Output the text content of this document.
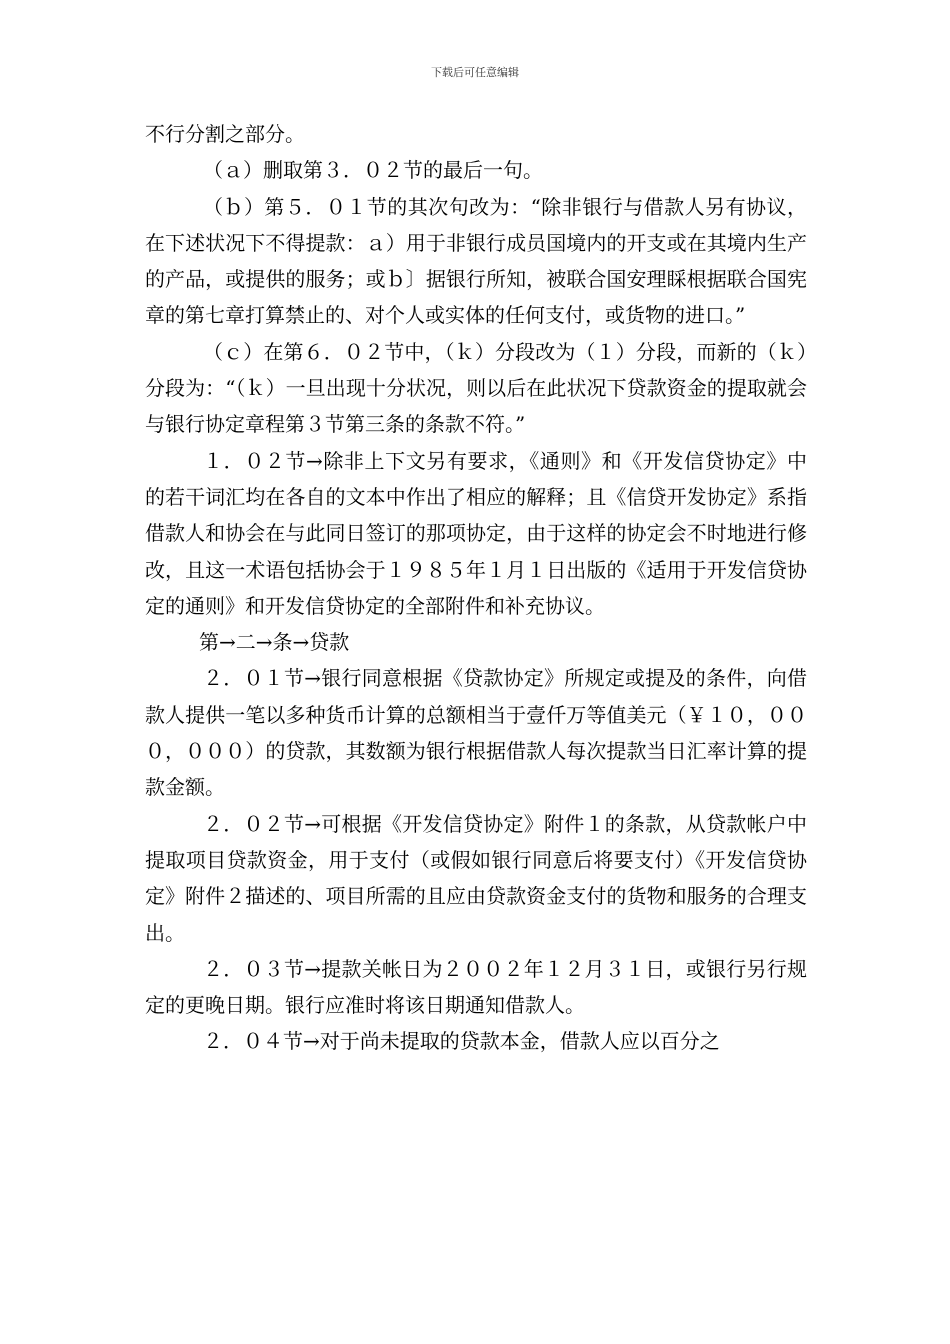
下载后可任意编辑

不行分割之部分。

（ａ）删取第３．０２节的最后一句。

（ｂ）第５．０１节的其次句改为：“除非银行与借款人另有协议，在下述状况下不得提款：ａ）用于非银行成员国境内的开支或在其境内生产的产品，或提供的服务；或ｂ〕据银行所知，被联合国安理睬根据联合国宪章的第七章打算禁止的、对个人或实体的任何支付，或货物的进口。”

（ｃ）在第６．０２节中，（ｋ）分段改为（１）分段，而新的（ｋ）分段为：“（ｋ）一旦出现十分状况，则以后在此状况下贷款资金的提取就会与银行协定章程第３节第三条的条款不符。”

１．０２节→除非上下文另有要求，《通则》和《开发信贷协定》中的若干词汇均在各自的文本中作出了相应的解释；且《信贷开发协定》系指借款人和协会在与此同日签订的那项协定，由于这样的协定会不时地进行修改，且这一术语包括协会于１９８５年１月１日出版的《适用于开发信贷协定的通则》和开发信贷协定的全部附件和补充协议。

第→二→条→贷款

２．０１节→银行同意根据《贷款协定》所规定或提及的条件，向借款人提供一笔以多种货币计算的总额相当于壹仟万等值美元（￥１０，０００，０００）的贷款，其数额为银行根据借款人每次提款当日汇率计算的提款金额。

２．０２节→可根据《开发信贷协定》附件１的条款，从贷款帐户中提取项目贷款资金，用于支付（或假如银行同意后将要支付）《开发信贷协定》附件２描述的、项目所需的且应由贷款资金支付的货物和服务的合理支出。

２．０３节→提款关帐日为２００２年１２月３１日，或银行另行规定的更晚日期。银行应准时将该日期通知借款人。

２．０４节→对于尚未提取的贷款本金，借款人应以百分之
